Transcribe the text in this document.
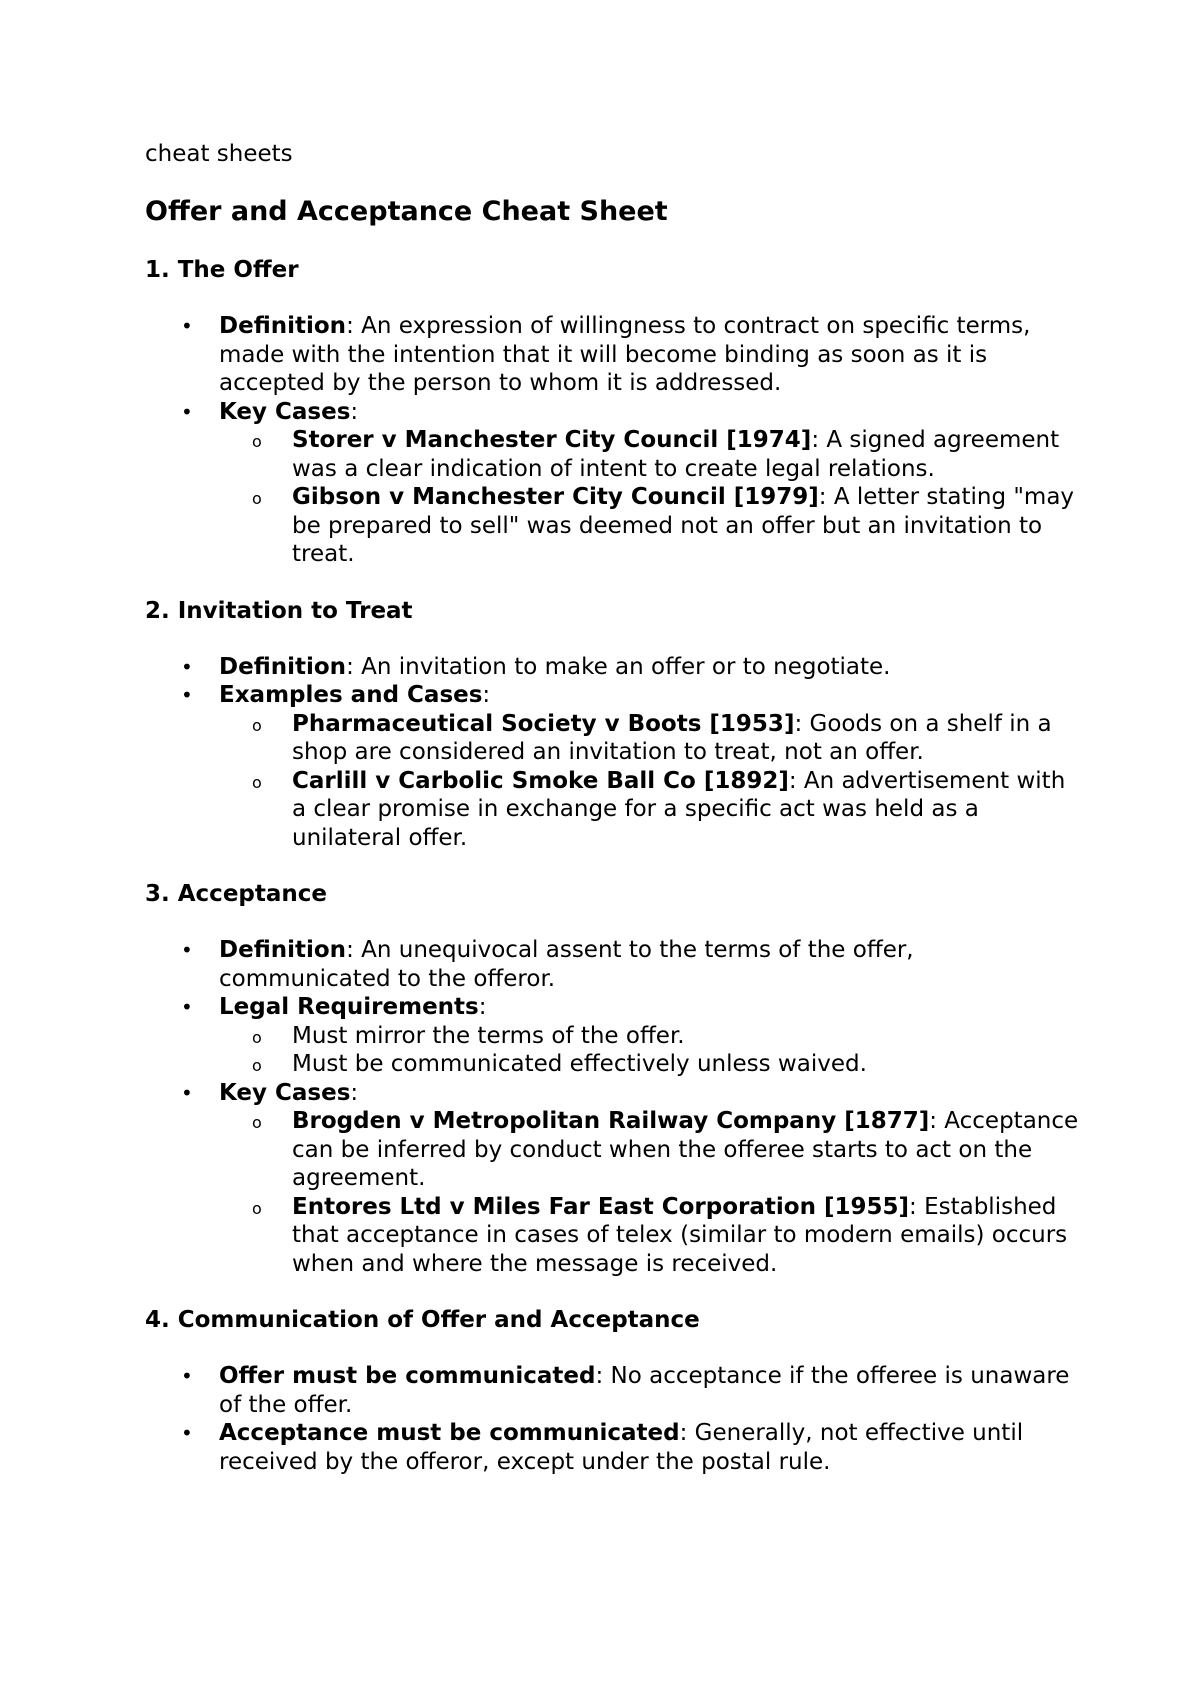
cheat sheets
Offer and Acceptance Cheat Sheet
1. The Offer
• Definition: An expression of willingness to contract on specific terms, made with the intention that it will become binding as soon as it is accepted by the person to whom it is addressed.
• Key Cases:
o Storer v Manchester City Council [1974]: A signed agreement was a clear indication of intent to create legal relations.
o Gibson v Manchester City Council [1979]: A letter stating "may be prepared to sell" was deemed not an offer but an invitation to treat.
2. Invitation to Treat
• Definition: An invitation to make an offer or to negotiate.
• Examples and Cases:
o Pharmaceutical Society v Boots [1953]: Goods on a shelf in a shop are considered an invitation to treat, not an offer.
o Carlill v Carbolic Smoke Ball Co [1892]: An advertisement with a clear promise in exchange for a specific act was held as a unilateral offer.
3. Acceptance
• Definition: An unequivocal assent to the terms of the offer, communicated to the offeror.
• Legal Requirements:
o Must mirror the terms of the offer.
o Must be communicated effectively unless waived.
• Key Cases:
o Brogden v Metropolitan Railway Company [1877]: Acceptance can be inferred by conduct when the offeree starts to act on the agreement.
o Entores Ltd v Miles Far East Corporation [1955]: Established that acceptance in cases of telex (similar to modern emails) occurs when and where the message is received.
4. Communication of Offer and Acceptance
• Offer must be communicated: No acceptance if the offeree is unaware of the offer.
• Acceptance must be communicated: Generally, not effective until received by the offeror, except under the postal rule.
